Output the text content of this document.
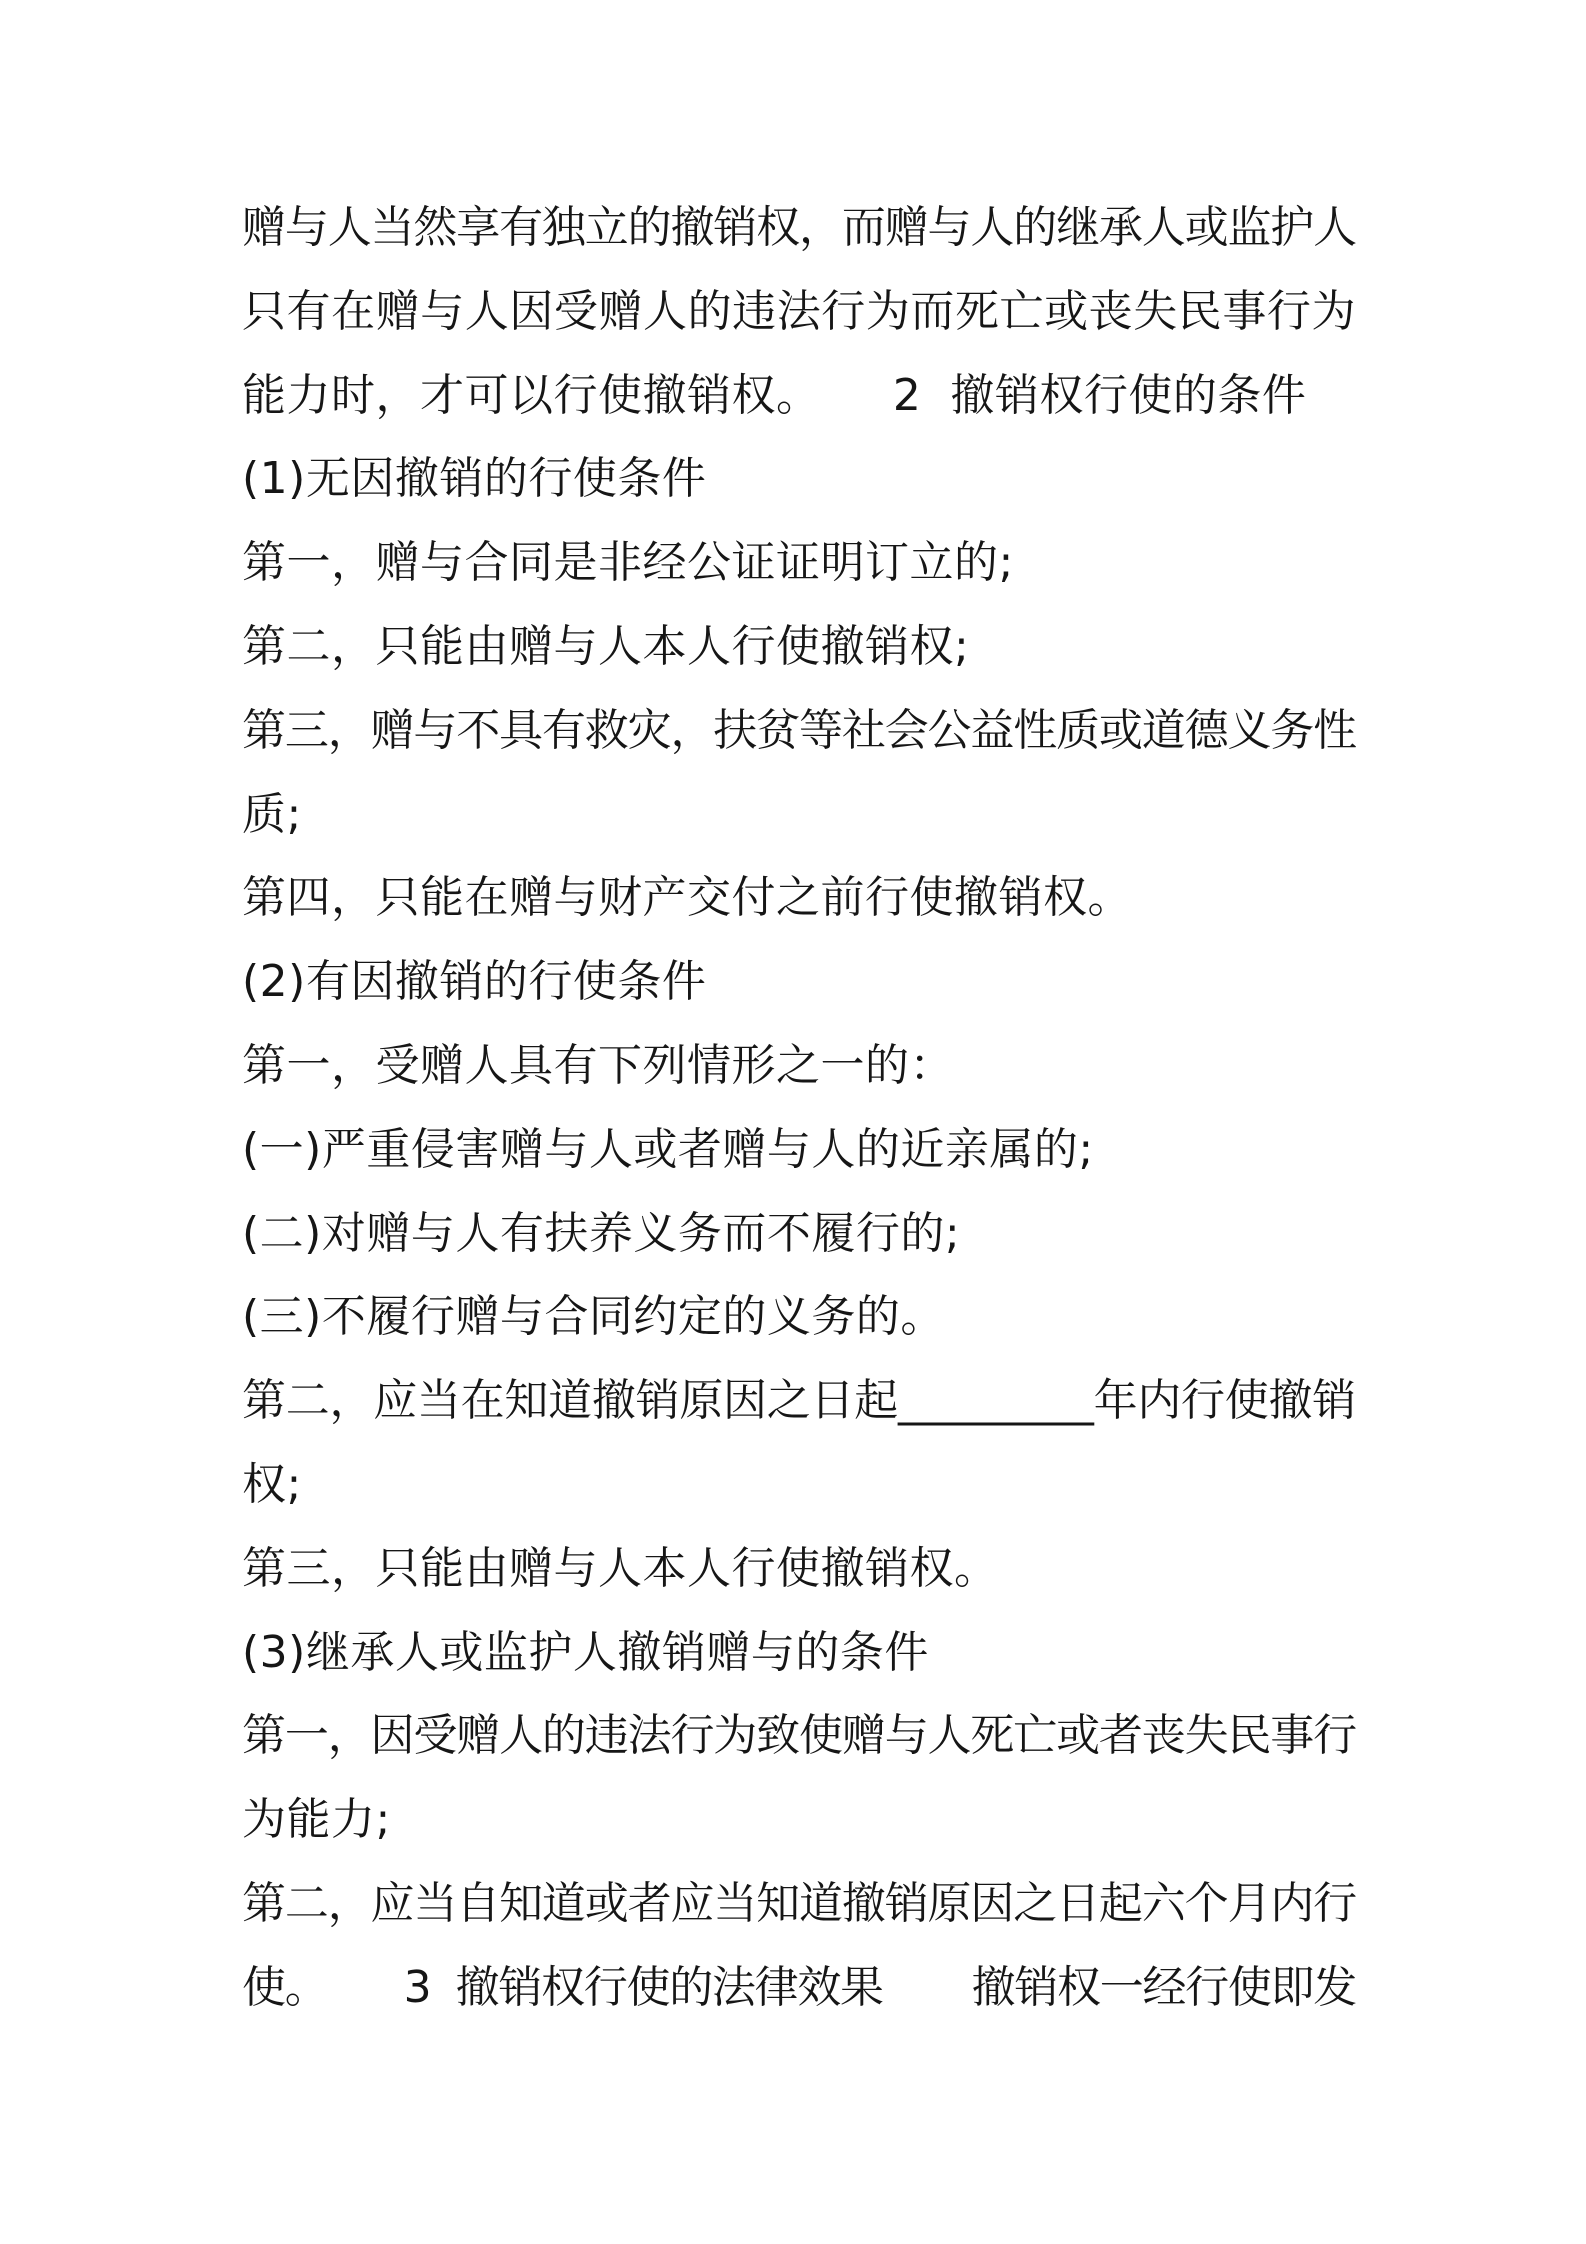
赠与人当然享有独立的撤销权，而赠与人的继承人或监护人
只有在赠与人因受赠人的违法行为而死亡或丧失民事行为
能力时，才可以行使撤销权。     2  撤销权行使的条件
(1)无因撤销的行使条件
第一，赠与合同是非经公证证明订立的;
第二，只能由赠与人本人行使撤销权;
第三，赠与不具有救灾，扶贫等社会公益性质或道德义务性
质;
第四，只能在赠与财产交付之前行使撤销权。
(2)有因撤销的行使条件
第一，受赠人具有下列情形之一的：
(一)严重侵害赠与人或者赠与人的近亲属的;
(二)对赠与人有扶养义务而不履行的;
(三)不履行赠与合同约定的义务的。
第二，应当在知道撤销原因之日起_________年内行使撤销
权;
第三，只能由赠与人本人行使撤销权。
(3)继承人或监护人撤销赠与的条件
第一，因受赠人的违法行为致使赠与人死亡或者丧失民事行
为能力;
第二，应当自知道或者应当知道撤销原因之日起六个月内行
使。      3  撤销权行使的法律效果       撤销权一经行使即发
